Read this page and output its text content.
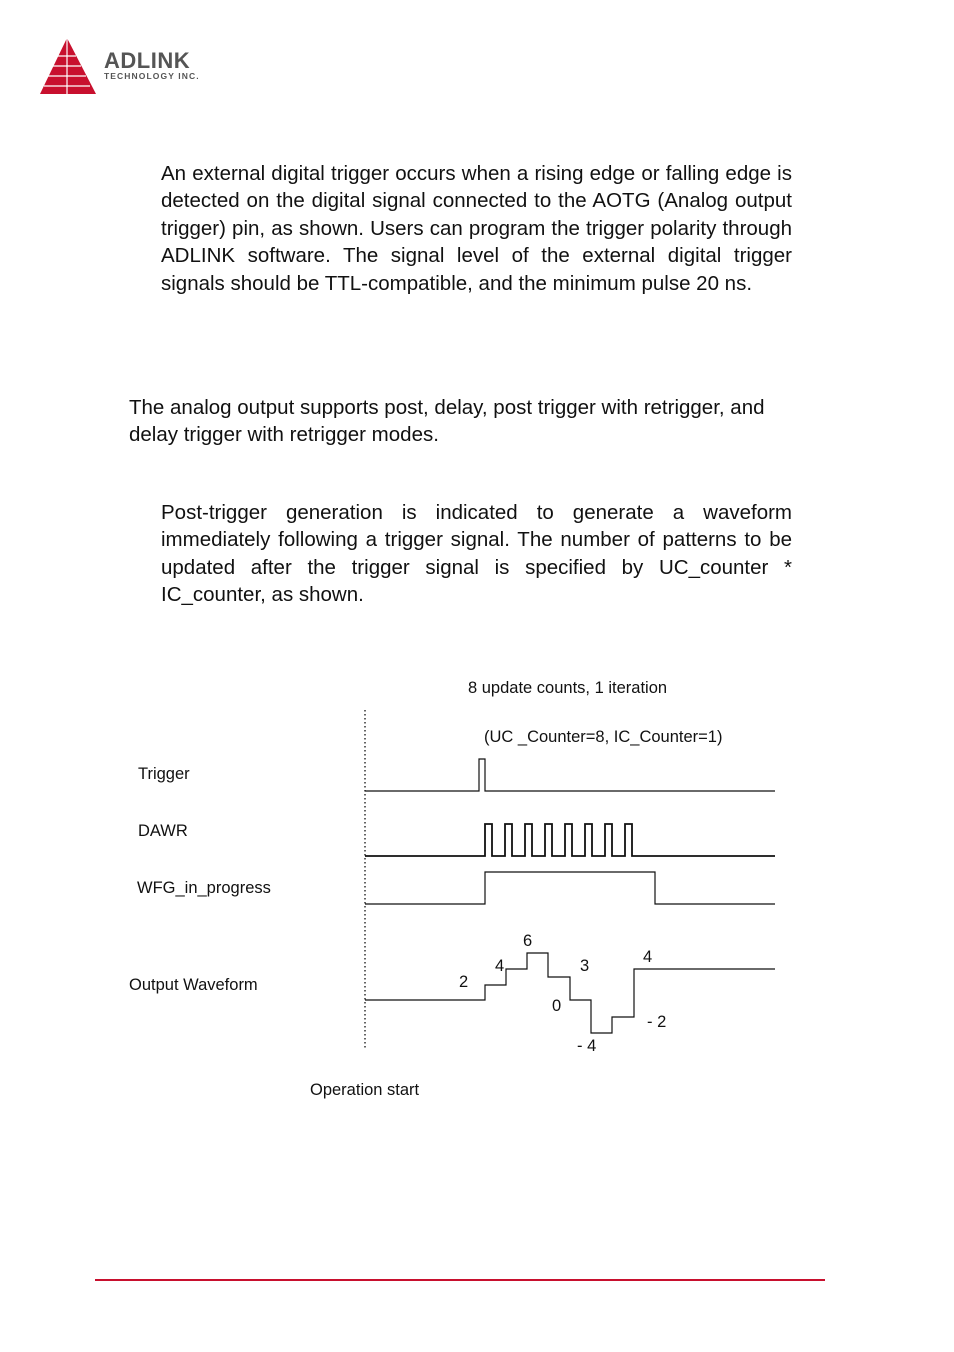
ADLINK
TECHNOLOGY INC.

An external digital trigger occurs when a rising edge or falling edge is detected on the digital signal connected to the AOTG (Analog output trigger) pin, as shown. Users can program the trigger polarity through ADLINK software. The signal level of the external digital trigger signals should be TTL-compatible, and the minimum pulse 20 ns.

The analog output supports post, delay, post trigger with retrigger, and delay trigger with retrigger modes.

Post-trigger generation is indicated to generate a waveform immediately following a trigger signal. The number of patterns to be updated after the trigger signal is specified by UC_counter * IC_counter, as shown.

8 update counts, 1 iteration
(UC _Counter=8, IC_Counter=1)
Trigger
DAWR
WFG_in_progress
Output Waveform	2
4
6
3
0
- 4
- 2
4
Operation start
